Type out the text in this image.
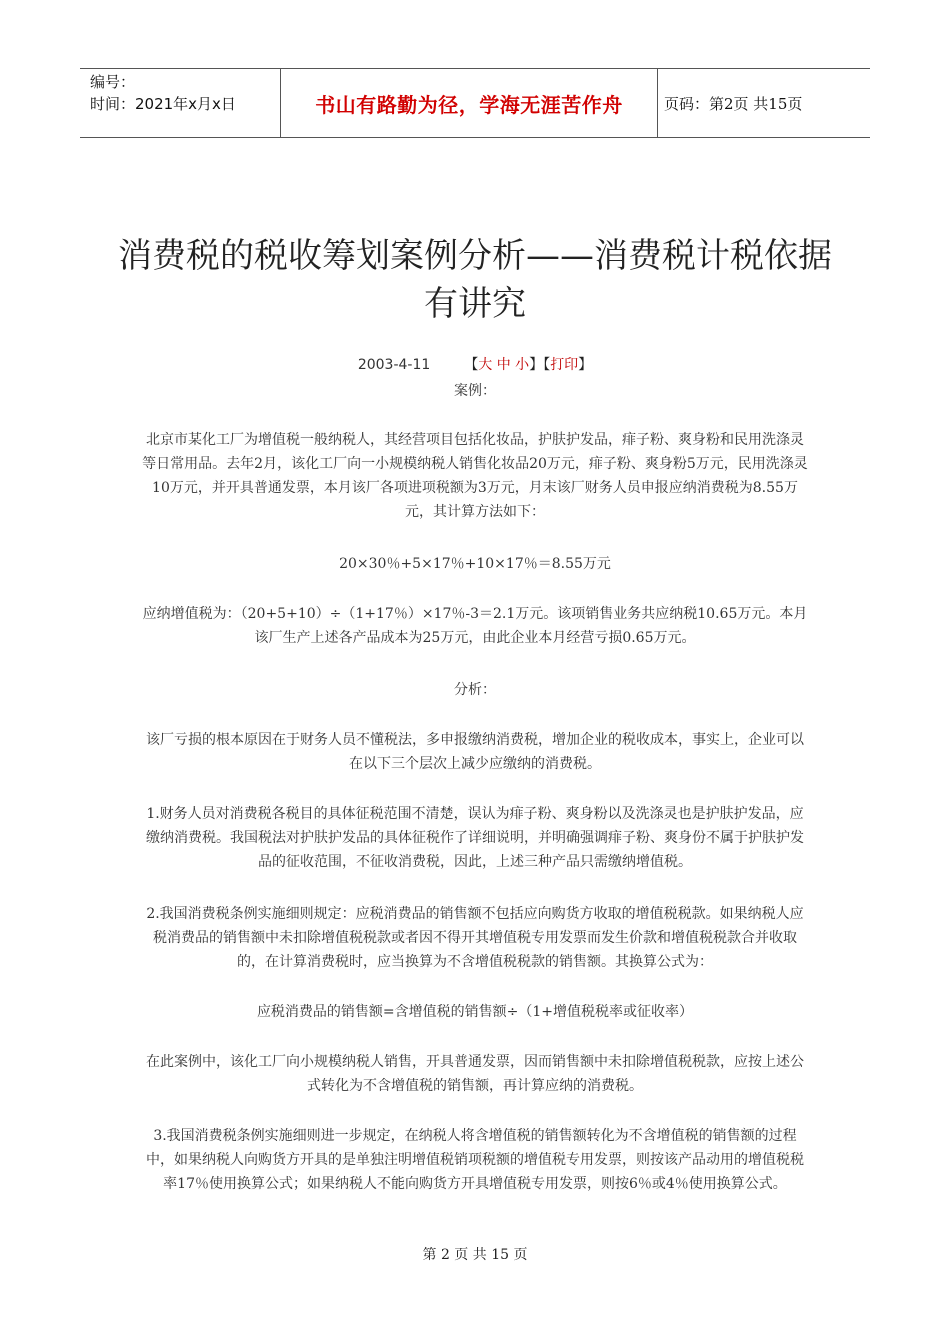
编号：
时间：2021年x月x日	书山有路勤为径，学海无涯苦作舟	页码：第2页 共15页
消费税的税收筹划案例分析——消费税计税依据有讲究
2003-4-11 【大 中 小】【打印】
案例：
北京市某化工厂为增值税一般纳税人，其经营项目包括化妆品，护肤护发品，痱子粉、爽身粉和民用洗涤灵等日常用品。去年2月，该化工厂向一小规模纳税人销售化妆品20万元，痱子粉、爽身粉5万元，民用洗涤灵10万元，并开具普通发票，本月该厂各项进项税额为3万元，月末该厂财务人员申报应纳消费税为8.55万元，其计算方法如下：
20×30％+5×17％+10×17％＝8.55万元
应纳增值税为：（20+5+10）÷（1+17％）×17％-3＝2.1万元。该项销售业务共应纳税10.65万元。本月该厂生产上述各产品成本为25万元，由此企业本月经营亏损0.65万元。
分析：
该厂亏损的根本原因在于财务人员不懂税法，多申报缴纳消费税，增加企业的税收成本，事实上，企业可以在以下三个层次上减少应缴纳的消费税。
1.财务人员对消费税各税目的具体征税范围不清楚，误认为痱子粉、爽身粉以及洗涤灵也是护肤护发品，应缴纳消费税。我国税法对护肤护发品的具体征税作了详细说明，并明确强调痱子粉、爽身份不属于护肤护发品的征收范围，不征收消费税，因此，上述三种产品只需缴纳增值税。
2.我国消费税条例实施细则规定：应税消费品的销售额不包括应向购货方收取的增值税税款。如果纳税人应税消费品的销售额中未扣除增值税税款或者因不得开其增值税专用发票而发生价款和增值税税款合并收取的，在计算消费税时，应当换算为不含增值税税款的销售额。其换算公式为：
应税消费品的销售额=含增值税的销售额÷（1+增值税税率或征收率）
在此案例中，该化工厂向小规模纳税人销售，开具普通发票，因而销售额中未扣除增值税税款，应按上述公式转化为不含增值税的销售额，再计算应纳的消费税。
3.我国消费税条例实施细则进一步规定，在纳税人将含增值税的销售额转化为不含增值税的销售额的过程中，如果纳税人向购货方开具的是单独注明增值税销项税额的增值税专用发票，则按该产品动用的增值税税率17％使用换算公式；如果纳税人不能向购货方开具增值税专用发票，则按6％或4％使用换算公式。
第 2 页 共 15 页
